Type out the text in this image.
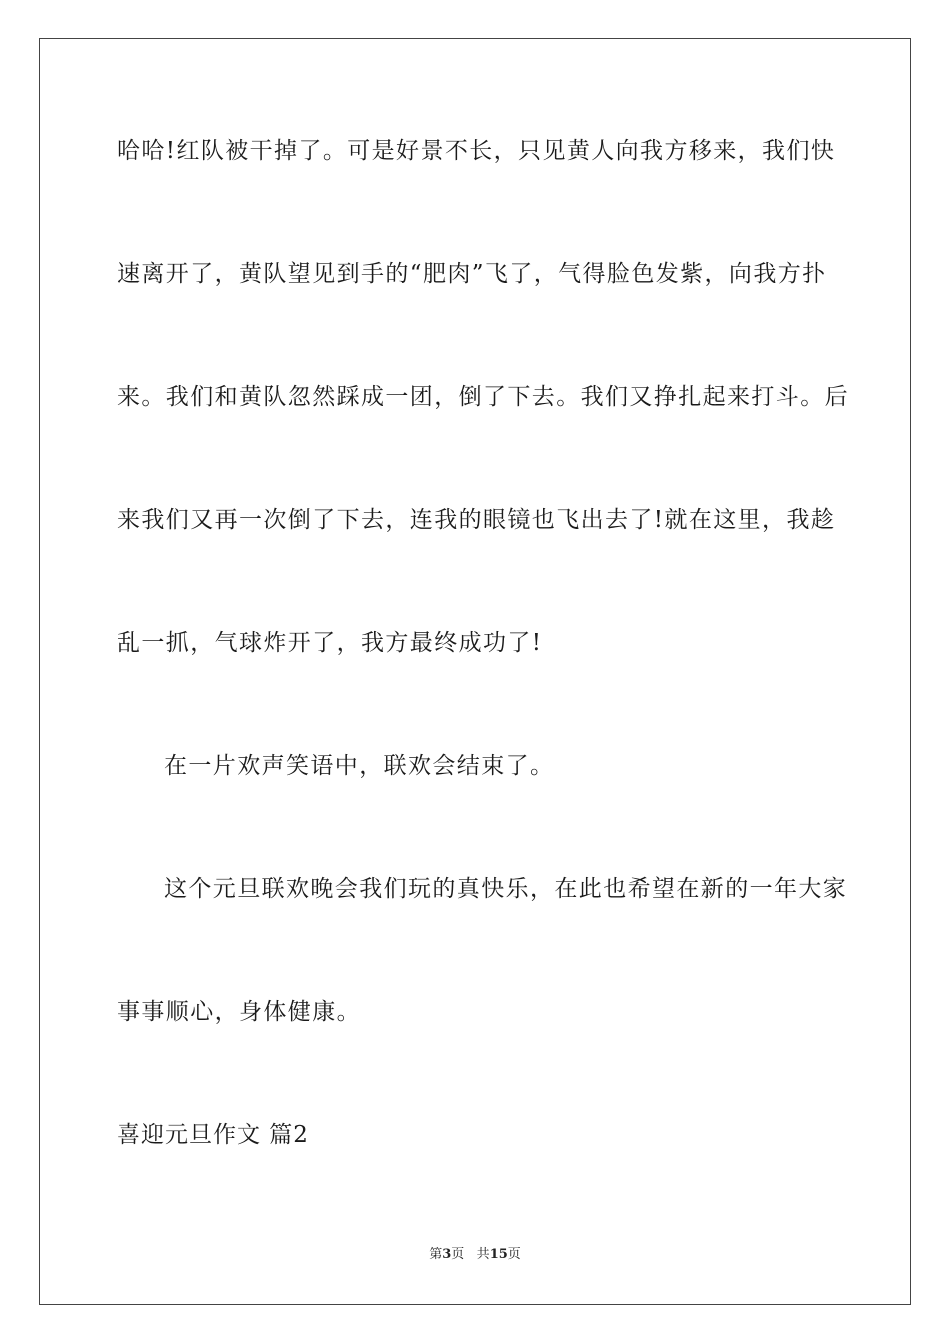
哈哈!红队被干掉了。可是好景不长，只见黄人向我方移来，我们快
速离开了，黄队望见到手的“肥肉”飞了，气得脸色发紫，向我方扑
来。我们和黄队忽然踩成一团，倒了下去。我们又挣扎起来打斗。后
来我们又再一次倒了下去，连我的眼镜也飞出去了!就在这里，我趁
乱一抓，气球炸开了，我方最终成功了!
在一片欢声笑语中，联欢会结束了。
这个元旦联欢晚会我们玩的真快乐，在此也希望在新的一年大家
事事顺心，身体健康。
喜迎元旦作文 篇2
第3页 共15页
